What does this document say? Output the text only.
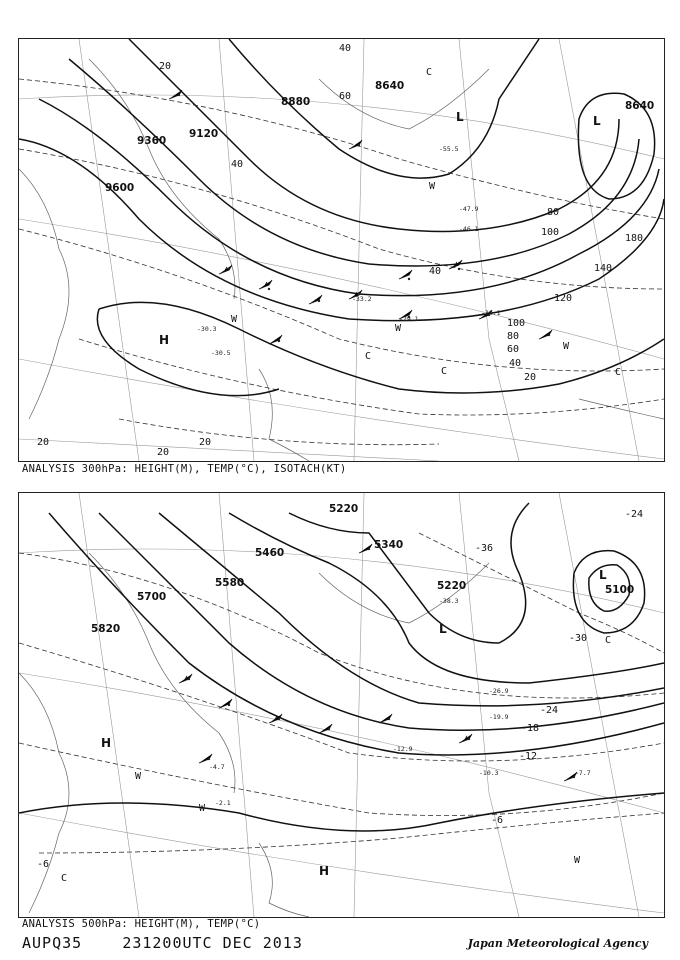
9600
9360
9120
8880
8640
8640
20
40
60
80
100
140
180
120
100
80
60
40
20
20
20
20
40
40
-30.5
-30.3
-33.2
-55.5
-47.9
-46.1
-29.1
-30.1
H
L	L
W
W
W
C
C
C	C
W
ANALYSIS 300hPa: HEIGHT(M), TEMP(°C), ISOTACH(KT)
5820
5700
5580
5460
5340
5220
5220	5100
-36
-30
-24
-18
-12
-6
-6
-24
-38.3
-26.9
-19.9
-10.3	-7.7
-4.7
-2.1
-12.9
H
W
H
W
C
L
L
C
W
ANALYSIS 500hPa: HEIGHT(M), TEMP(°C)
AUPQ35	231200UTC DEC 2013	Japan Meteorological Agency
